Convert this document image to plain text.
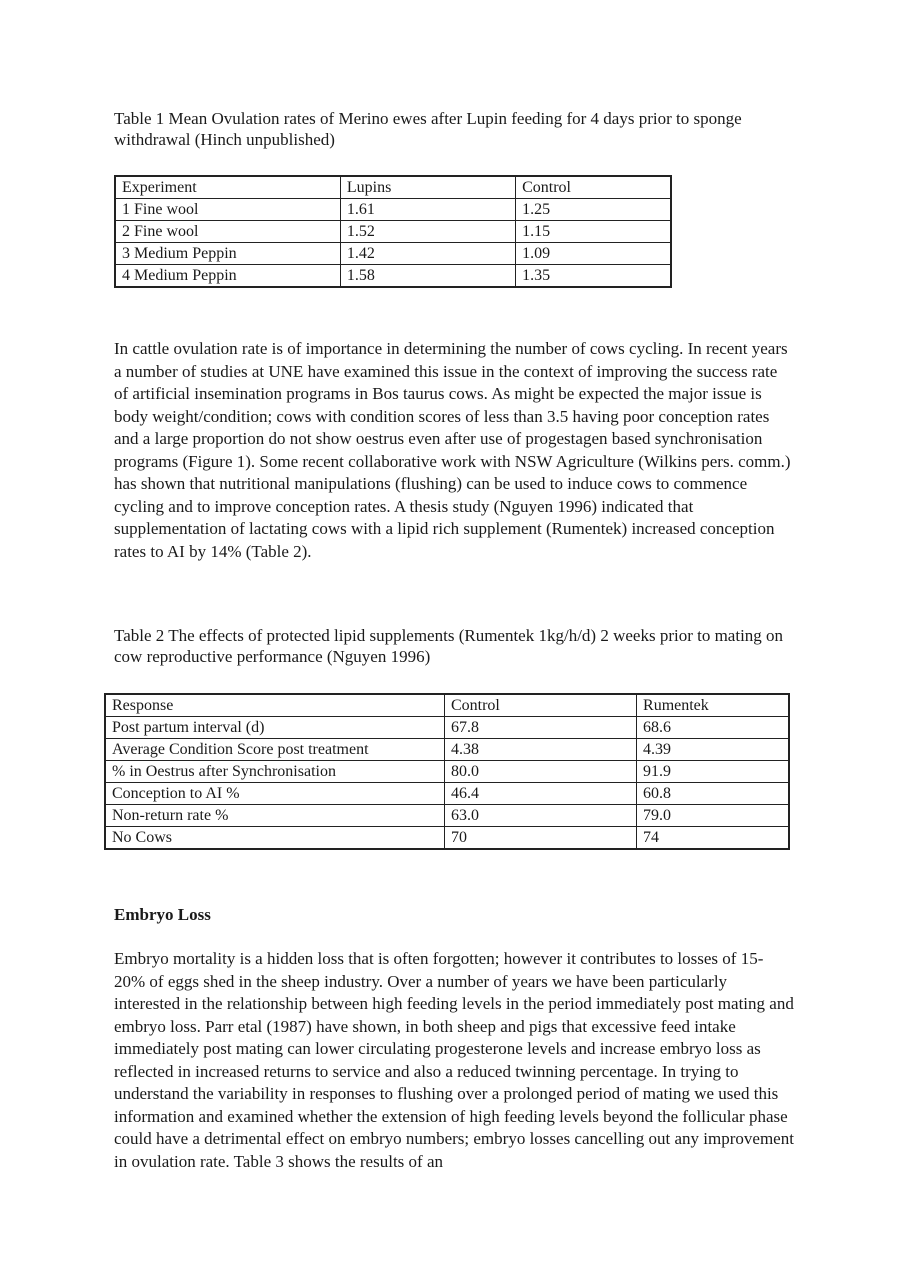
Table 1 Mean Ovulation rates of Merino ewes after Lupin feeding for 4 days prior to sponge withdrawal (Hinch unpublished)

Experiment	Lupins	Control
1 Fine wool	1.61	1.25
2 Fine wool	1.52	1.15
3 Medium Peppin	1.42	1.09
4 Medium Peppin	1.58	1.35

In cattle ovulation rate is of importance in determining the number of cows cycling. In recent years a number of studies at UNE have examined this issue in the context of improving the success rate of artificial insemination programs in Bos taurus cows. As might be expected the major issue is body weight/condition; cows with condition scores of less than 3.5 having poor conception rates and a large proportion do not show oestrus even after use of progestagen based synchronisation programs (Figure 1). Some recent collaborative work with NSW Agriculture (Wilkins pers. comm.) has shown that nutritional manipulations (flushing) can be used to induce cows to commence cycling and to improve conception rates. A thesis study (Nguyen 1996) indicated that supplementation of lactating cows with a lipid rich supplement (Rumentek) increased conception rates to AI by 14% (Table 2).

Table 2 The effects of protected lipid supplements (Rumentek 1kg/h/d) 2 weeks prior to mating on cow reproductive performance (Nguyen 1996)

Response	Control	Rumentek
Post partum interval (d)	67.8	68.6
Average Condition Score post treatment	4.38	4.39
% in Oestrus after Synchronisation	80.0	91.9
Conception to AI %	46.4	60.8
Non-return rate %	63.0	79.0
No Cows	70	74
Embryo Loss

Embryo mortality is a hidden loss that is often forgotten; however it contributes to losses of 15-20% of eggs shed in the sheep industry. Over a number of years we have been particularly interested in the relationship between high feeding levels in the period immediately post mating and embryo loss. Parr etal (1987) have shown, in both sheep and pigs that excessive feed intake immediately post mating can lower circulating progesterone levels and increase embryo loss as reflected in increased returns to service and also a reduced twinning percentage. In trying to understand the variability in responses to flushing over a prolonged period of mating we used this information and examined whether the extension of high feeding levels beyond the follicular phase could have a detrimental effect on embryo numbers; embryo losses cancelling out any improvement in ovulation rate. Table 3 shows the results of an
